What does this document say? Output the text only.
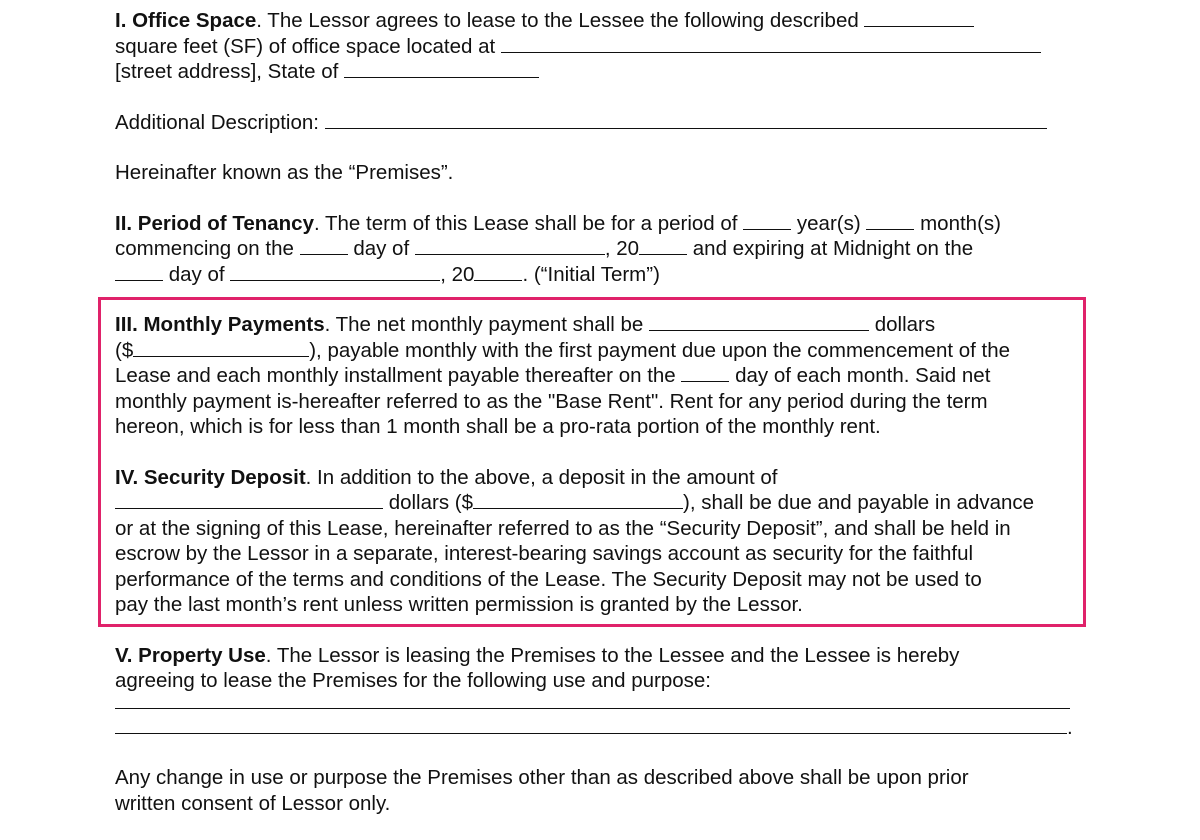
I. Office Space. The Lessor agrees to lease to the Lessee the following described
square feet (SF) of office space located at
[street address], State of

Additional Description:

Hereinafter known as the “Premises”.

II. Period of Tenancy. The term of this Lease shall be for a period of	year(s)	month(s)
commencing on the	day of	, 20	and expiring at Midnight on the
day of	, 20 . (“Initial Term”)

III. Monthly Payments. The net monthly payment shall be	dollars
($	), payable monthly with the first payment due upon the commencement of the
Lease and each monthly installment payable thereafter on the	day of each month. Said net
monthly payment is-hereafter referred to as the "Base Rent". Rent for any period during the term
hereon, which is for less than 1 month shall be a pro-rata portion of the monthly rent.

IV. Security Deposit. In addition to the above, a deposit in the amount of
dollars ($	), shall be due and payable in advance
or at the signing of this Lease, hereinafter referred to as the “Security Deposit”, and shall be held in
escrow by the Lessor in a separate, interest-bearing savings account as security for the faithful
performance of the terms and conditions of the Lease. The Security Deposit may not be used to
pay the last month’s rent unless written permission is granted by the Lessor.

V. Property Use. The Lessor is leasing the Premises to the Lessee and the Lessee is hereby
agreeing to lease the Premises for the following use and purpose:

.

Any change in use or purpose the Premises other than as described above shall be upon prior
written consent of Lessor only.
